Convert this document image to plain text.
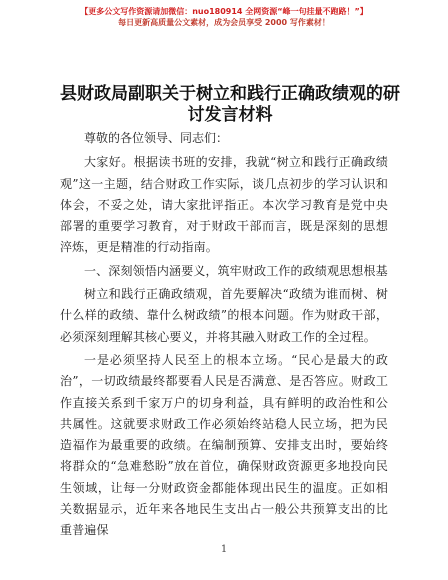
【更多公文写作资源请加微信：nuo180914 全网资源“峰一句挂量不跑路！”】
每日更新高质量公文素材，成为会员享受 2000 写作素材！
县财政局副职关于树立和践行正确政绩观的研讨发言材料

尊敬的各位领导、同志们：

大家好。根据读书班的安排，我就“树立和践行正确政绩观”这一主题，结合财政工作实际，谈几点初步的学习认识和体会，不妥之处，请大家批评指正。本次学习教育是党中央部署的重要学习教育，对于财政干部而言，既是深刻的思想淬炼，更是精准的行动指南。

一、深刻领悟内涵要义，筑牢财政工作的政绩观思想根基

树立和践行正确政绩观，首先要解决“政绩为谁而树、树什么样的政绩、靠什么树政绩”的根本问题。作为财政干部，必须深刻理解其核心要义，并将其融入财政工作的全过程。

一是必须坚持人民至上的根本立场。“民心是最大的政治”，一切政绩最终都要看人民是否满意、是否答应。财政工作直接关系到千家万户的切身利益，具有鲜明的政治性和公共属性。这就要求财政工作必须始终站稳人民立场，把为民造福作为最重要的政绩。在编制预算、安排支出时，要始终将群众的“急难愁盼”放在首位，确保财政资源更多地投向民生领域，让每一分财政资金都能体现出民生的温度。正如相关数据显示，近年来各地民生支出占一般公共预算支出的比重普遍保

1
